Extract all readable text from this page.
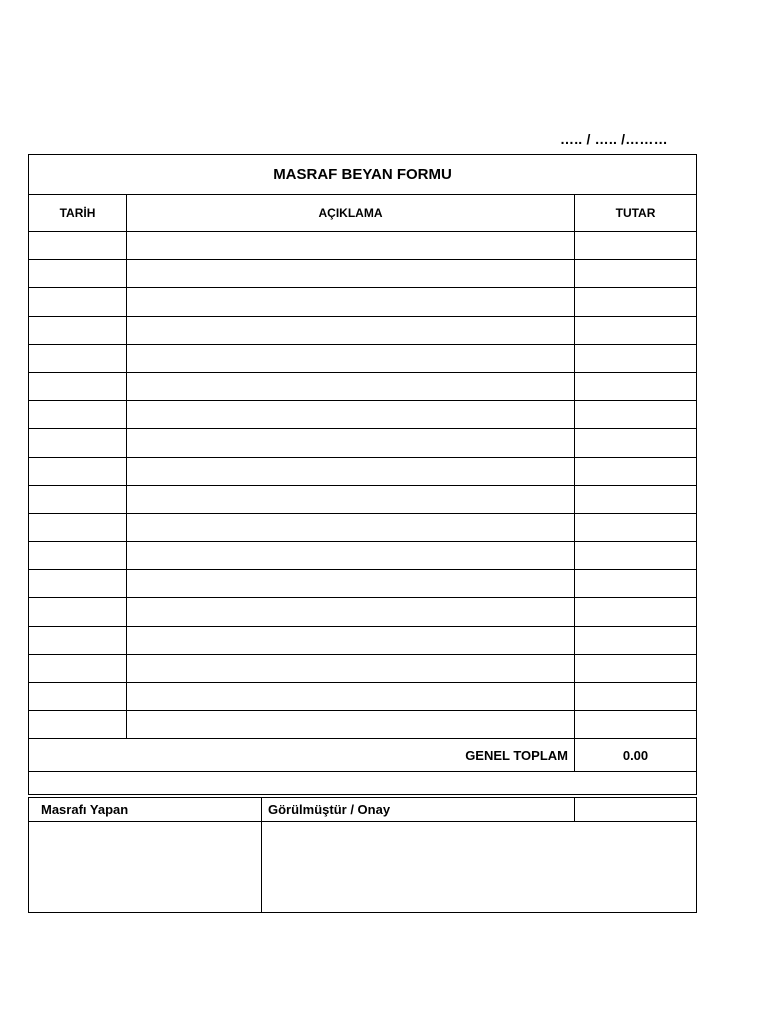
….. / ….. /………
MASRAF BEYAN FORMU		
TARİH	AÇIKLAMA	TUTAR

GENEL TOPLAM		0.00

Masrafı Yapan	Görülmüştür / Onay	
